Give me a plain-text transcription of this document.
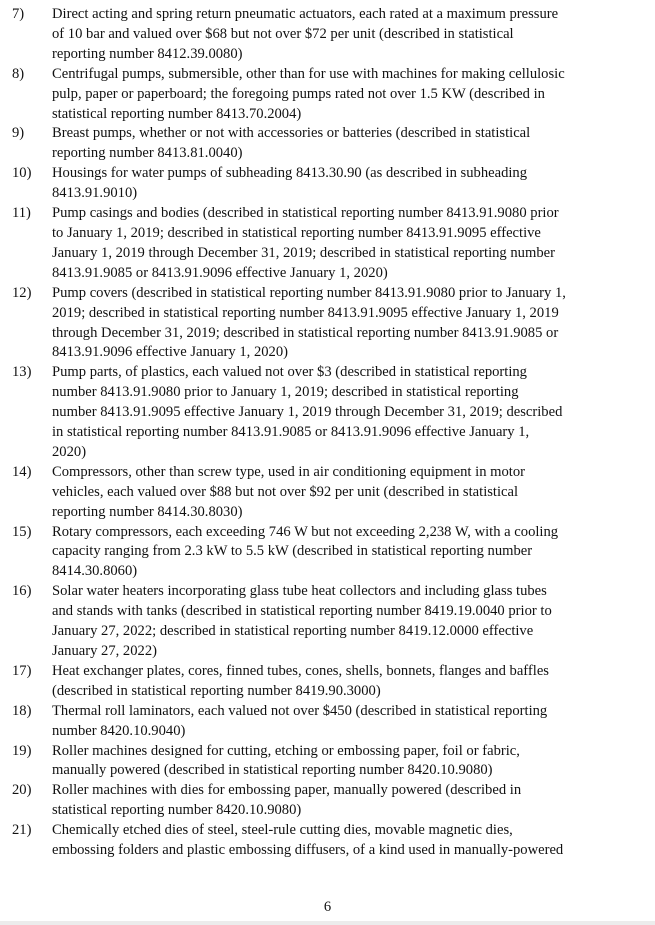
7)	Direct acting and spring return pneumatic actuators, each rated at a maximum pressure
of 10 bar and valued over $68 but not over $72 per unit (described in statistical
reporting number 8412.39.0080)
8)	Centrifugal pumps, submersible, other than for use with machines for making cellulosic
pulp, paper or paperboard; the foregoing pumps rated not over 1.5 KW (described in
statistical reporting number 8413.70.2004)
9)	Breast pumps, whether or not with accessories or batteries (described in statistical
reporting number 8413.81.0040)
10)	Housings for water pumps of subheading 8413.30.90 (as described in subheading
8413.91.9010)
11)	Pump casings and bodies (described in statistical reporting number 8413.91.9080 prior
to January 1, 2019; described in statistical reporting number 8413.91.9095 effective
January 1, 2019 through December 31, 2019; described in statistical reporting number
8413.91.9085 or 8413.91.9096 effective January 1, 2020)
12)	Pump covers (described in statistical reporting number 8413.91.9080 prior to January 1,
2019; described in statistical reporting number 8413.91.9095 effective January 1, 2019
through December 31, 2019; described in statistical reporting number 8413.91.9085 or
8413.91.9096 effective January 1, 2020)
13)	Pump parts, of plastics, each valued not over $3 (described in statistical reporting
number 8413.91.9080 prior to January 1, 2019; described in statistical reporting
number 8413.91.9095 effective January 1, 2019 through December 31, 2019; described
in statistical reporting number 8413.91.9085 or 8413.91.9096 effective January 1,
2020)
14)	Compressors, other than screw type, used in air conditioning equipment in motor
vehicles, each valued over $88 but not over $92 per unit (described in statistical
reporting number 8414.30.8030)
15)	Rotary compressors, each exceeding 746 W but not exceeding 2,238 W, with a cooling
capacity ranging from 2.3 kW to 5.5 kW (described in statistical reporting number
8414.30.8060)
16)	Solar water heaters incorporating glass tube heat collectors and including glass tubes
and stands with tanks (described in statistical reporting number 8419.19.0040 prior to
January 27, 2022; described in statistical reporting number 8419.12.0000 effective
January 27, 2022)
17)	Heat exchanger plates, cores, finned tubes, cones, shells, bonnets, flanges and baffles
(described in statistical reporting number 8419.90.3000)
18)	Thermal roll laminators, each valued not over $450 (described in statistical reporting
number 8420.10.9040)
19)	Roller machines designed for cutting, etching or embossing paper, foil or fabric,
manually powered (described in statistical reporting number 8420.10.9080)
20)	Roller machines with dies for embossing paper, manually powered (described in
statistical reporting number 8420.10.9080)
21)	Chemically etched dies of steel, steel-rule cutting dies, movable magnetic dies,
embossing folders and plastic embossing diffusers, of a kind used in manually-powered
6
